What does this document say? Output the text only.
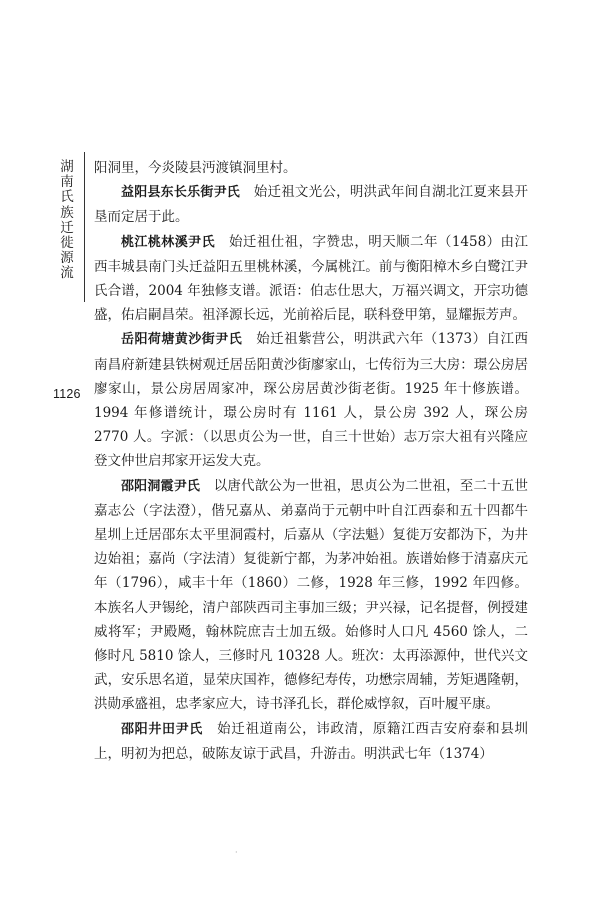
湖南氏族迁徙源流
1126

阳洞里，今炎陵县沔渡镇洞里村。

益阳县东长乐街尹氏　 始迁祖文光公，明洪武年间自湖北江夏来县开垦而定居于此。

桃江桃林溪尹氏　 始迁祖仕祖，字赞忠，明天顺二年（1458）由江西丰城县南门头迁益阳五里桃林溪，今属桃江。前与衡阳樟木乡白鹭江尹氏合谱，2004 年独修支谱。派语：伯志仕思大，万福兴调文，开宗功德盛，佑启嗣昌荣。祖泽源长远，光前裕后昆，联科登甲第，显耀振芳声。

岳阳荷塘黄沙街尹氏　 始迁祖紫营公，明洪武六年（1373）自江西南昌府新建县铁树观迁居岳阳黄沙街廖家山，七传衍为三大房：璟公房居廖家山，景公房居周家冲，琛公房居黄沙街老街。1925 年十修族谱。1994 年修谱统计，璟公房时有 1161 人，景公房 392 人，琛公房 2770 人。字派：（以思贞公为一世，自三十世始）志万宗大祖有兴隆应登文仲世启邦家开运发大克。

邵阳洞霞尹氏　 以唐代歆公为一世祖，思贞公为二世祖，至二十五世嘉志公（字法澄），偕兄嘉从、弟嘉尚于元朝中叶自江西泰和五十四都牛星圳上迁居邵东太平里洞霞村，后嘉从（字法魁）复徙万安都沩下，为井边始祖；嘉尚（字法清）复徙新宁都，为茅冲始祖。族谱始修于清嘉庆元年（1796），咸丰十年（1860）二修，1928 年三修，1992 年四修。本族名人尹锡纶，清户部陕西司主事加三级；尹兴禄，记名提督，例授建威将军；尹殿飏，翰林院庶吉士加五级。始修时人口凡 4560 馀人，二修时凡 5810 馀人，三修时凡 10328 人。班次：太再添源仲，世代兴文武，安乐思名道，显荣庆国祚，德修纪寿传，功懋宗周辅，芳矩遇隆朝，洪勋承盛祖，忠孝家应大，诗书泽孔长，群伦威惇叙，百叶履平康。

邵阳井田尹氏　 始迁祖道南公，讳政清，原籍江西吉安府泰和县圳上，明初为把总，破陈友谅于武昌，升游击。明洪武七年（1374）

·
